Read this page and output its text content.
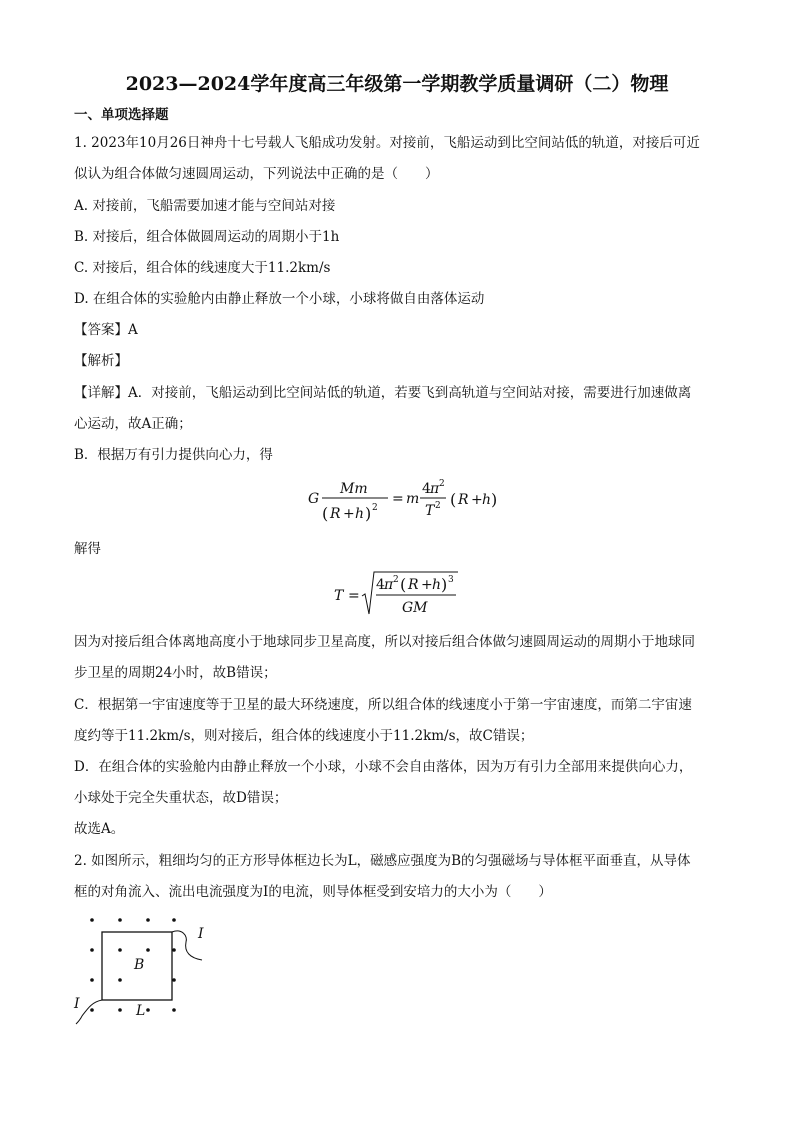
2023—2024学年度高三年级第一学期教学质量调研（二）物理
一、单项选择题
1. 2023年10月26日神舟十七号载人飞船成功发射。对接前，飞船运动到比空间站低的轨道，对接后可近
似认为组合体做匀速圆周运动，下列说法中正确的是（　　）
A. 对接前，飞船需要加速才能与空间站对接
B. 对接后，组合体做圆周运动的周期小于1h
C. 对接后，组合体的线速度大于11.2km/s
D. 在组合体的实验舱内由静止释放一个小球，小球将做自由落体运动
【答案】A
【解析】
【详解】A．对接前，飞船运动到比空间站低的轨道，若要飞到高轨道与空间站对接，需要进行加速做离
心运动，故A正确；
B．根据万有引力提供向心力，得
G
Mm
( R + h ) 2
= m
4 π 2
T 2 ( R + h )
解得
T =
4 π 2 ( R + h ) 3
GM
因为对接后组合体离地高度小于地球同步卫星高度，所以对接后组合体做匀速圆周运动的周期小于地球同
步卫星的周期24小时，故B错误；
C．根据第一宇宙速度等于卫星的最大环绕速度，所以组合体的线速度小于第一宇宙速度，而第二宇宙速
度约等于11.2km/s，则对接后，组合体的线速度小于11.2km/s，故C错误；
D．在组合体的实验舱内由静止释放一个小球，小球不会自由落体，因为万有引力全部用来提供向心力，
小球处于完全失重状态，故D错误；
故选A。
2. 如图所示，粗细均匀的正方形导体框边长为L，磁感应强度为B的匀强磁场与导体框平面垂直，从导体
框的对角流入、流出电流强度为I的电流，则导体框受到安培力的大小为（　　）
I
B
I	L
